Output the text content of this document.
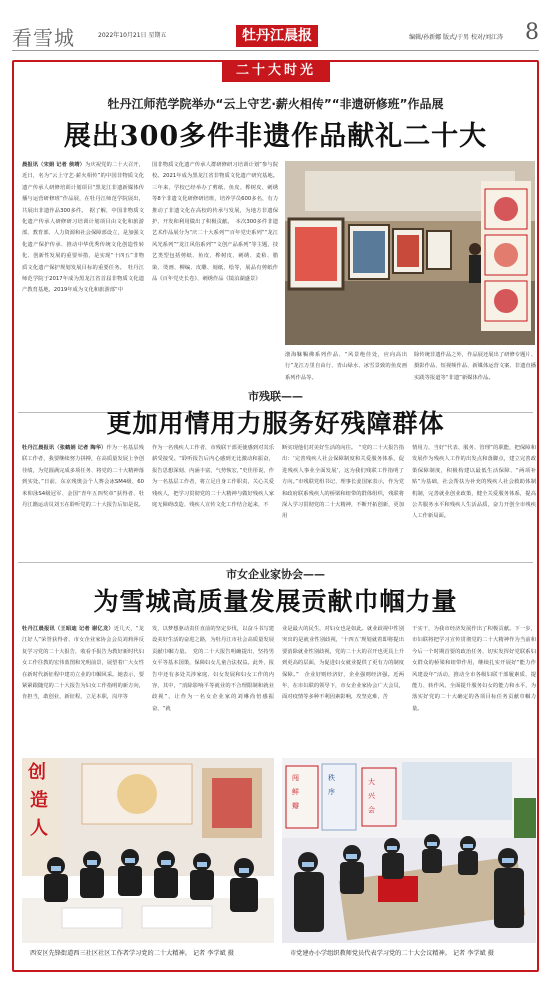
看雪城	2022年10月21日 星期五	牡丹江晨报	编辑/孙新娜 版式/于男 校对/刘江涛 8
二十大时光
牡丹江师范学院举办“云上守艺·薪火相传”“非遗研修班”作品展
展出300多件非遗作品献礼二十大
晨报讯（宋娟 记者 侯靖）为庆祝党的二十大召开，近日，名为“云上守艺·薪火相传”的中国非物质文化遗产传承人研修培训计划项目“黑龙江非遗新媒体传播与运营研修班”作品展，在牡丹江师范学院展出，共展出非遗作品300多件。　据了解，中国非物质文化遗产传承人研修研习培训计划项目由文化和旅游部、教育部、人力资源和社会保障部设立，是加强文化遗产保护传承、推动中华优秀传统文化创造性转化、创新性发展的重要举措，是实现“十四五”非物质文化遗产保护规划发展目标的重要任务。　牡丹江师范学院于2017年成为黑龙江省首届非物质文化遗产教育基地，2019年成为文化和旅游部“中
国非物质文化遗产传承人群研修研习培训计划”参与院校。2021年成为黑龙江省非物质文化遗产研究基地。三年来，学校已经举办了剪纸、鱼皮、桦树皮、刺绣等8个非遗文化研修研培班，培养学员600多名，有力推动了非遗文化在高校的传承与发展，为地方非遗保护、开发和利用做出了积极贡献。　本次300多件非遗艺术作品展分为“庆二十大系列”“百年党史系列”“龙江风光系列”“龙江风俗系列”“文创产品系列”等主题，技艺类型包括剪纸、鱼皮、桦树皮、刺绣、麦秸、腊染、烫画、柳编、皮雕、刻纸、绘等，展品有剪纸作品《百年党史长卷》、刺绣作品《镜泊湖盛景》
渤海靺鞨佛系列作品、“风景绝佳处，应向高出行”龙江万里自由行、青山绿水、冰雪景致的鱼皮画系列作品等。
除传统非遗作品之外，作品展还展出了研修专题片、摄影作品、短视频作品、新媒体运营文案、非遗直播实践等报道等“非遗”新媒体作品。
市残联——
更加用情用力服务好残障群体
牡丹江晨报讯（张鹤娟 记者 陶华）作为一名基层残联工作者，我要继续努力拼搏，在高质量发展上争创佳绩，为党圆满完成多项任务、将党的二十大精神落到实处。”日前，东京残奥会个人赛会冰SM4级、60米仰泳S4级冠军、金国“青年五四奖章”获得者、牡丹江籍运动员刘玉在聆听党的二十大报告后如是说。
作为一名残疾人工作者，市残联干部更使感到对其乐薪受接受。“聆听报告后内心感到无比激动和振奋，报告思想深刻、内涵丰富，气势恢宏，”史佳彤说，作为一名基层工作者，将立足自身工作职责，关心关爱残疾人，把学习贯彻党的二十大精神与做好残疾人家庭无障碍改造、残疾人宣传文化工作结合起来，不
断实现他们对美好生活的向往。　“党的二十大报告指出：‘完善残疾人社会保障制度和关爱服务体系，促进残疾人事业全面发展’，这为我们残联工作指明了方向。”市残联党组书记、理事长姜国家表示，作为党和政府联系残疾人的桥梁和纽带的群体组织，残联将深入学习贯彻党的二十大精神，不断开拓创新，更加用
情用力，当好“代表、服务、管理”的职能，把保障和发展作为残疾人工作的出发点和落脚点，建立完善政策保障制度，积极构建以最低生活保障、“两项补贴”为基础，社会帮扶为补充的残疾人社会救助体制机制，完善就业创业政策，健全关爱服务体系，提高公共服务水平和残疾人生活品质，奋力开创全市残疾人工作新局面。
市女企业家协会——
为雪城高质量发展贡献巾帼力量
牡丹江晨报讯（王昭迪 记者 谢亿龙）近几天，“龙江好人”荣誉获得者、市女企业家协会会员刘莉萍反复学习党的二十大报告，收看手报告为教好新时代妇女工作往教的宏伟蓝图和光明前景，展望着广大女性在新时代新征程中建功立业的巾帼风采。她表示，要紧紧跟随党的二十大报告为妇女工作指明的新方向，肯担当，敢创业，新征程，立足本职，岗序等
发，以梦想驱动责任直前的坚定步伐，以奋斗书写建设美好生活的奋进之路，为牡丹江市社会高质量发展贡献巾帼力量。　党的二十大报告明确提出，坚持男女平等基本国策，保障妇女儿童合法权益。此外，报告中还有多处关涉家庭、妇女发展和妇女工作的内容，其中，“消除影响平等就业的不合理限制和就业歧视”，让作为一名女企业家的刘琳尚倍感振奋，“就
业是最大的民生，对妇女也是如此。就业歧视中性别突出的是就业性别歧视，‘十四五’规划就着即将提出要消除就业性别歧视，党的二十大的召开也更具上升到更高的层面，为促进妇女就业提供了更有力的制度保障。”　企业好则经济好，企业强则经济强。近两年，在市妇联的领导下，市女企业家协会广大会员，面对疫情等多种不利因素影响，攻坚克难，苦
干实干，为我市经济发展作出了积极贡献。下一步，市妇联将把学习宣传贯彻党的二十大精神作为当前和今后一个时期首要的政治任务，切实发挥好党联系妇女群众的桥梁和纽带作用，继续扎实开展好“能力作风建设年”活动，推动全市各级妇联干部履素质、提能力、转作风，全面提升服务妇女的能力和水平，为落实好党的二十大确定的各项目标任务贡献巾帼力量。
创
造
人
闯
鲜
瓣
秩
序
大
兴
会
西安区先锋街道西三社区社区工作者学习党的二十大精神。 记者 李学斌 摄	市党建办小学组织教师党员代表学习党的二十大会议精神。 记者 李学斌 摄
